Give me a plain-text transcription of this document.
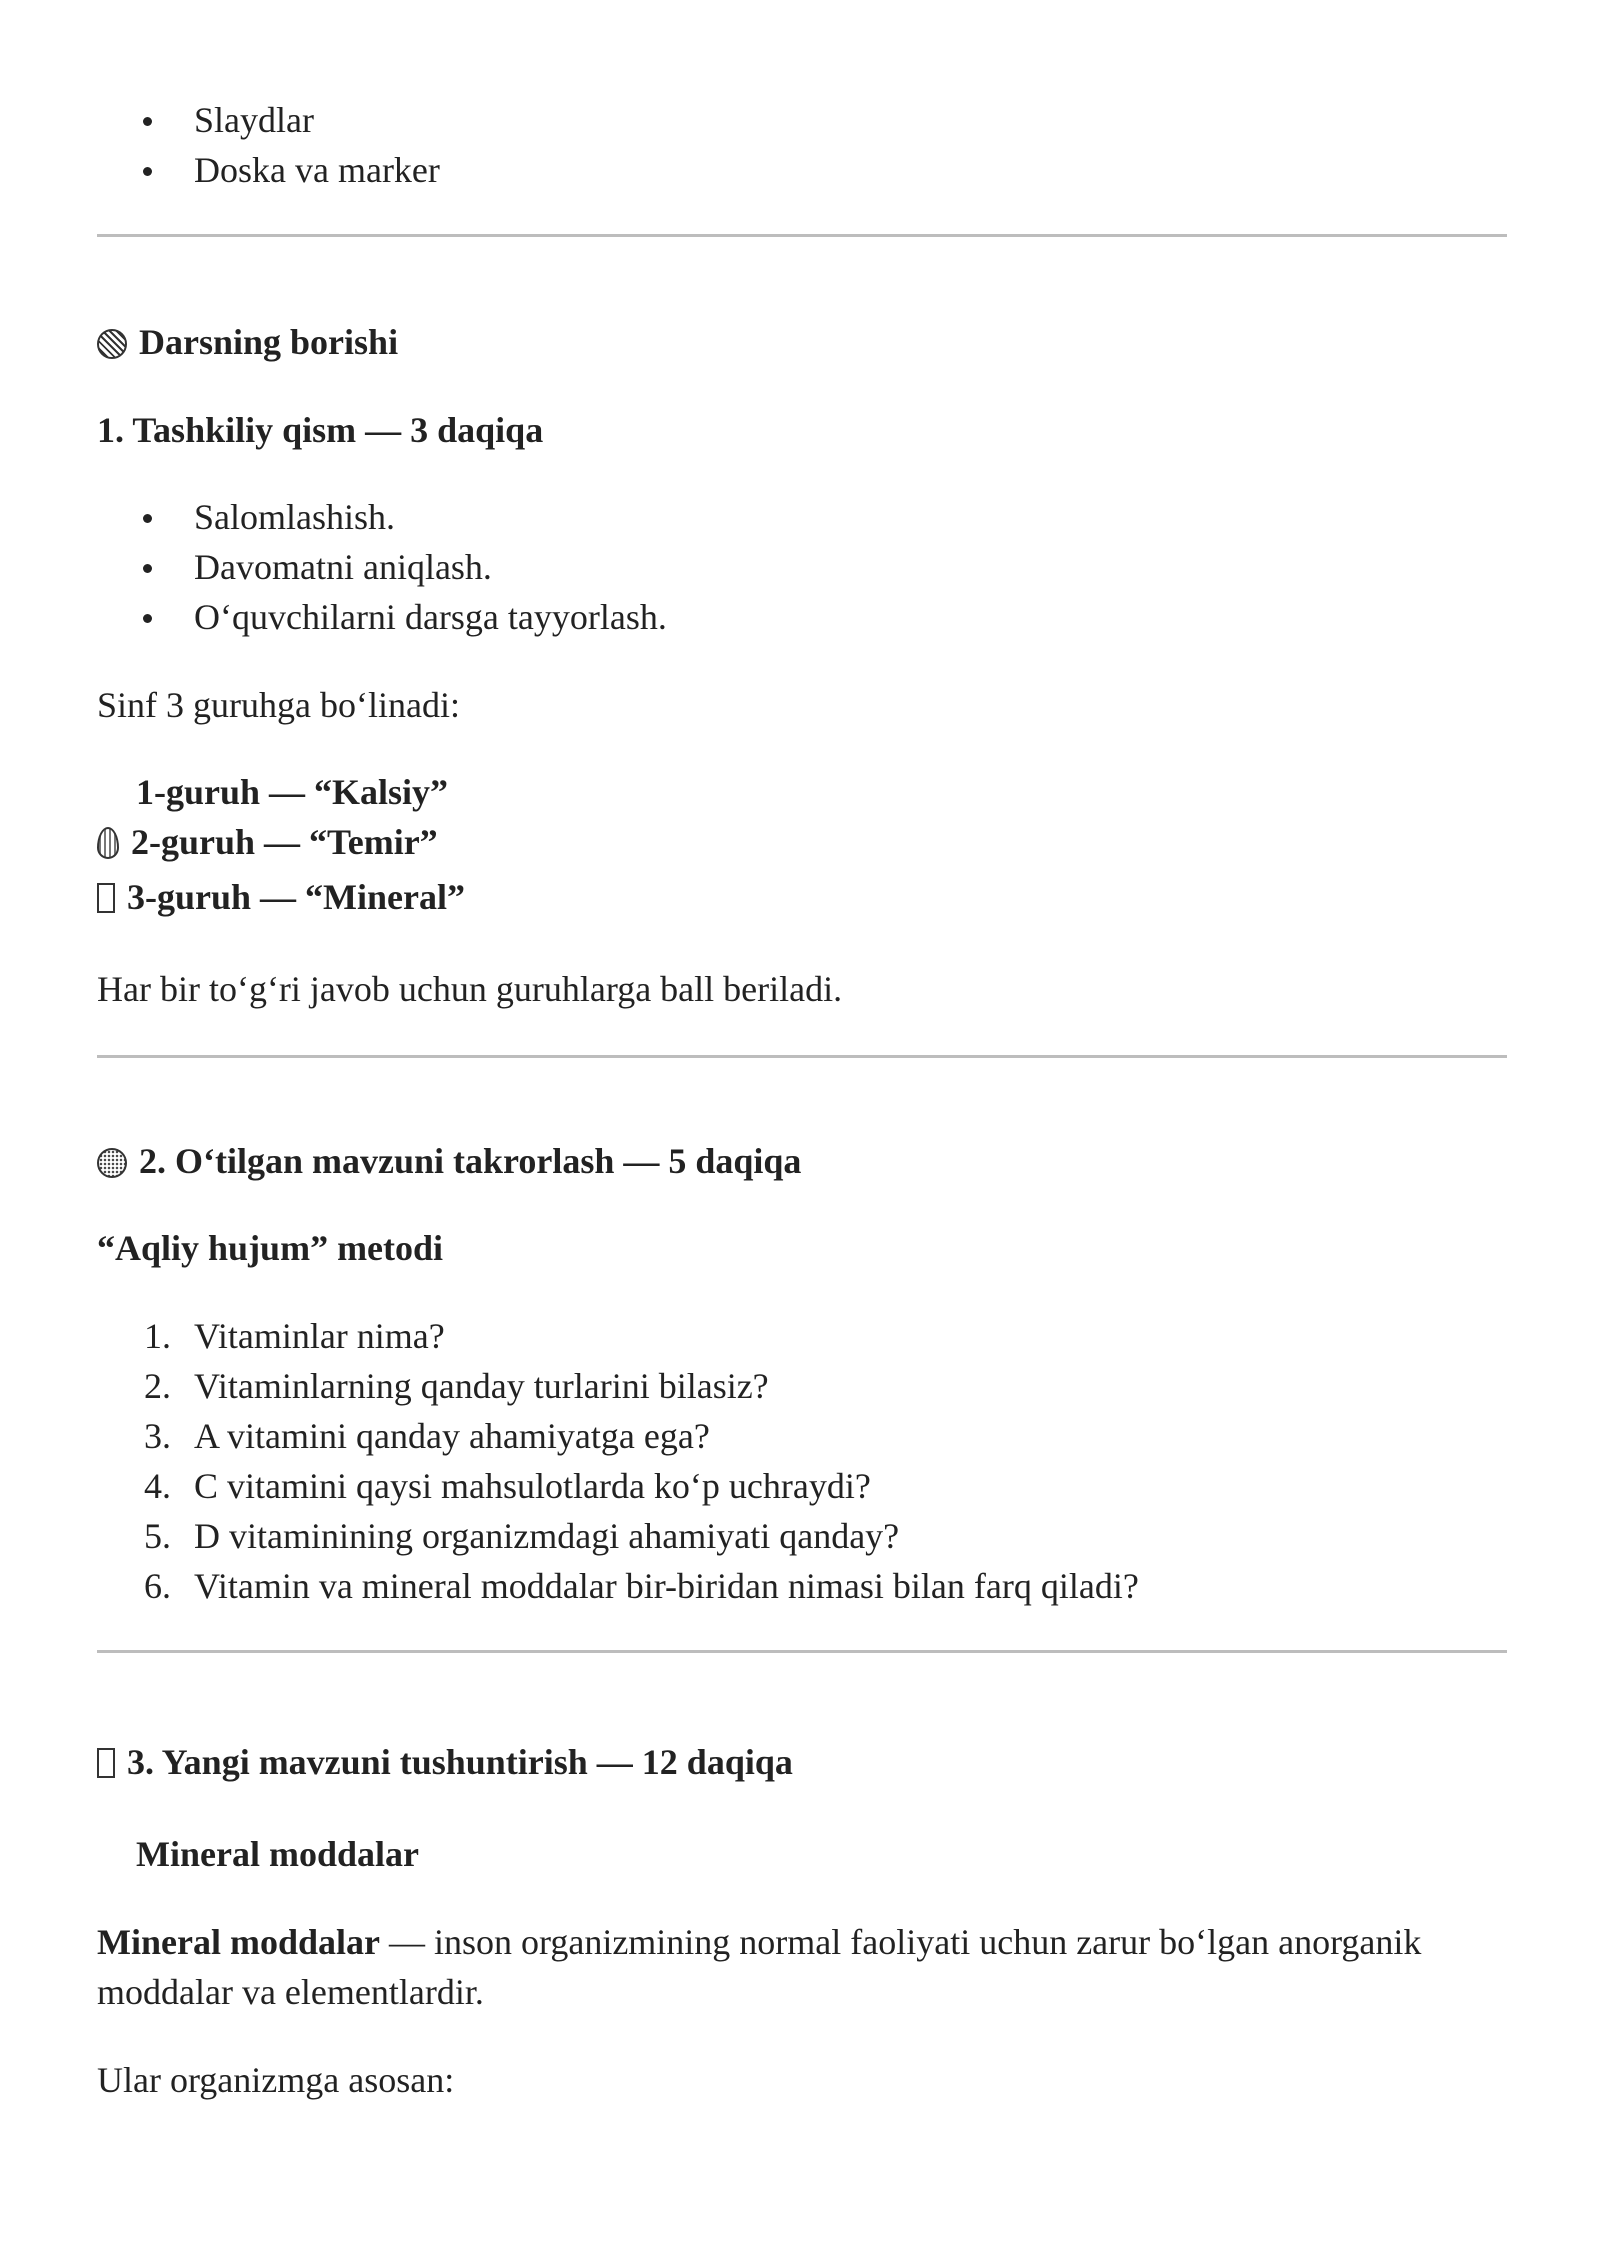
Slaydlar
Doska va marker

Darsning borishi

1. Tashkiliy qism — 3 daqiqa

Salomlashish.
Davomatni aniqlash.
O‘quvchilarni darsga tayyorlash.

Sinf 3 guruhga bo‘linadi:

1-guruh — “Kalsiy”

2-guruh — “Temir”

3-guruh — “Mineral”

Har bir to‘g‘ri javob uchun guruhlarga ball beriladi.

2. O‘tilgan mavzuni takrorlash — 5 daqiqa

“Aqliy hujum” metodi

1. Vitaminlar nima?
2. Vitaminlarning qanday turlarini bilasiz?
3. A vitamini qanday ahamiyatga ega?
4. C vitamini qaysi mahsulotlarda ko‘p uchraydi?
5. D vitaminining organizmdagi ahamiyati qanday?
6. Vitamin va mineral moddalar bir-biridan nimasi bilan farq qiladi?

3. Yangi mavzuni tushuntirish — 12 daqiqa

Mineral moddalar

Mineral moddalar — inson organizmining normal faoliyati uchun zarur bo‘lgan anorganik moddalar va elementlardir.

Ular organizmga asosan:
